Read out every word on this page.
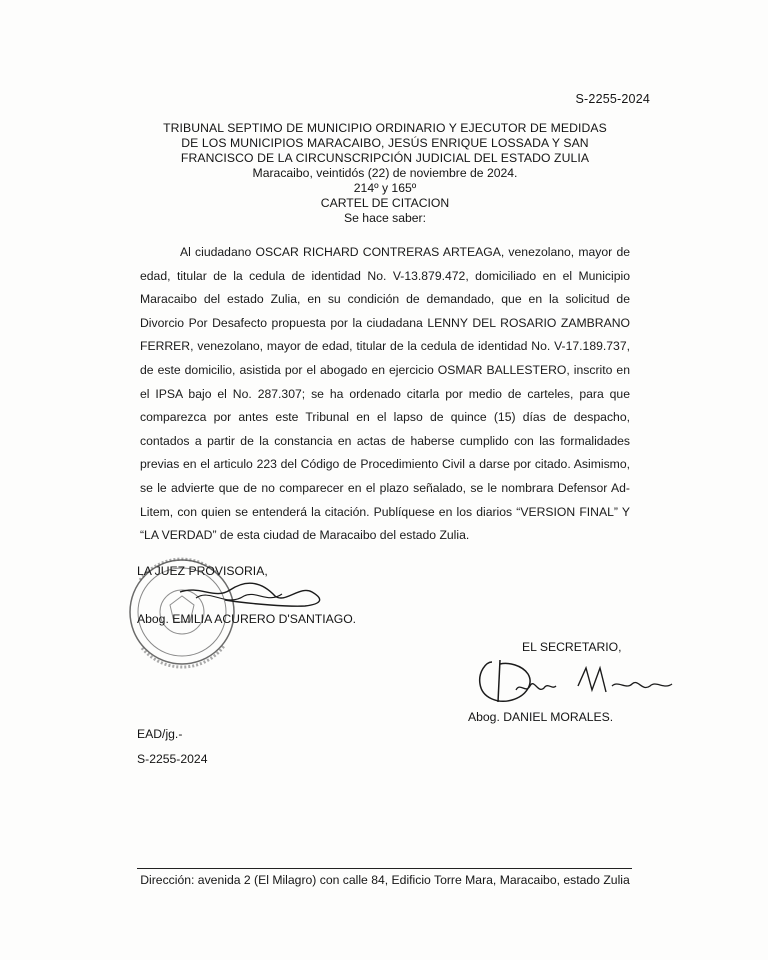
S-2255-2024
TRIBUNAL SEPTIMO DE MUNICIPIO ORDINARIO Y EJECUTOR DE MEDIDAS
DE LOS MUNICIPIOS MARACAIBO, JESÚS ENRIQUE LOSSADA Y SAN
FRANCISCO DE LA CIRCUNSCRIPCIÓN JUDICIAL DEL ESTADO ZULIA
Maracaibo, veintidós (22) de noviembre de 2024.
214º y 165º
CARTEL DE CITACION
Se hace saber:

Al ciudadano OSCAR RICHARD CONTRERAS ARTEAGA, venezolano, mayor de edad, titular de la cedula de identidad No. V-13.879.472, domiciliado en el Municipio Maracaibo del estado Zulia, en su condición de demandado, que en la solicitud de Divorcio Por Desafecto propuesta por la ciudadana LENNY DEL ROSARIO ZAMBRANO FERRER, venezolano, mayor de edad, titular de la cedula de identidad No. V-17.189.737, de este domicilio, asistida por el abogado en ejercicio OSMAR BALLESTERO, inscrito en el IPSA bajo el No. 287.307; se ha ordenado citarla por medio de carteles, para que comparezca por antes este Tribunal en el lapso de quince (15) días de despacho, contados a partir de la constancia en actas de haberse cumplido con las formalidades previas en el articulo 223 del Código de Procedimiento Civil a darse por citado. Asimismo, se le advierte que de no comparecer en el plazo señalado, se le nombrara Defensor Ad-Litem, con quien se entenderá la citación. Publíquese en los diarios “VERSION FINAL” Y “LA VERDAD” de esta ciudad de Maracaibo del estado Zulia.

LA JUEZ PROVISORIA,
Abog. EMILIA ACURERO D'SANTIAGO.
EL SECRETARIO,
Abog. DANIEL MORALES.
EAD/jg.-
S-2255-2024
Dirección: avenida 2 (El Milagro) con calle 84, Edificio Torre Mara, Maracaibo, estado Zulia
